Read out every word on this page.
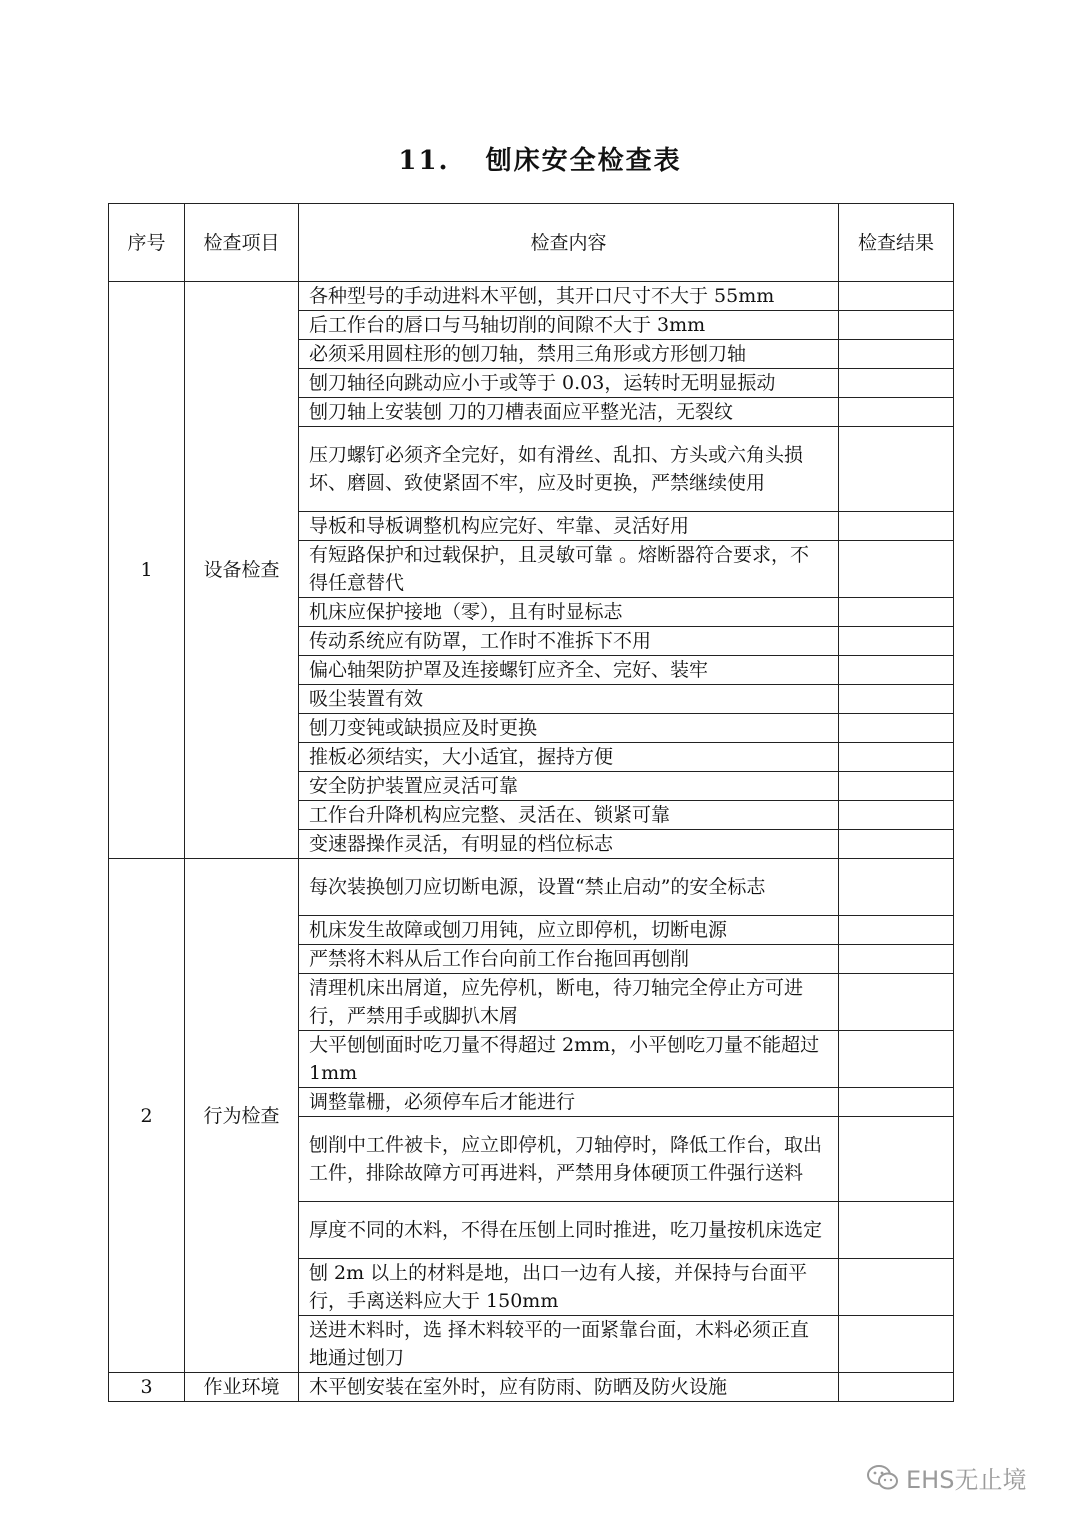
11. 刨床安全检查表
序号	检查项目	检查内容	检查结果
1	设备检查	各种型号的手动进料木平刨，其开口尺寸不大于 55mm	
		后工作台的唇口与马轴切削的间隙不大于 3mm	
		必须采用圆柱形的刨刀轴，禁用三角形或方形刨刀轴	
		刨刀轴径向跳动应小于或等于 0.03，运转时无明显振动	
		刨刀轴上安装刨 刀的刀槽表面应平整光洁，无裂纹	
		压刀螺钉必须齐全完好，如有滑丝、乱扣、方头或六角头损坏、磨圆、致使紧固不牢，应及时更换，严禁继续使用	
		导板和导板调整机构应完好、牢靠、灵活好用	
		有短路保护和过载保护，且灵敏可靠 。熔断器符合要求，不得任意替代	
		机床应保护接地（零），且有时显标志	
		传动系统应有防罩，工作时不准拆下不用	
		偏心轴架防护罩及连接螺钉应齐全、完好、装牢	
		吸尘装置有效	
		刨刀变钝或缺损应及时更换	
		推板必须结实，大小适宜，握持方便	
		安全防护装置应灵活可靠	
		工作台升降机构应完整、灵活在、锁紧可靠	
		变速器操作灵活，有明显的档位标志	
2	行为检查	每次装换刨刀应切断电源，设置“禁止启动”的安全标志	
		机床发生故障或刨刀用钝，应立即停机，切断电源	
		严禁将木料从后工作台向前工作台拖回再刨削	
		清理机床出屑道，应先停机，断电，待刀轴完全停止方可进行，严禁用手或脚扒木屑	
		大平刨刨面时吃刀量不得超过 2mm，小平刨吃刀量不能超过 1mm	
		调整靠栅，必须停车后才能进行	
		刨削中工件被卡，应立即停机，刀轴停时，降低工作台，取出工件，排除故障方可再进料，严禁用身体硬顶工件强行送料	
		厚度不同的木料，不得在压刨上同时推进，吃刀量按机床选定	
		刨 2m 以上的材料是地，出口一边有人接，并保持与台面平行，手离送料应大于 150mm	
		送进木料时，选 择木料较平的一面紧靠台面，木料必须正直地通过刨刀	
3	作业环境	木平刨安装在室外时，应有防雨、防晒及防火设施	
EHS无止境
